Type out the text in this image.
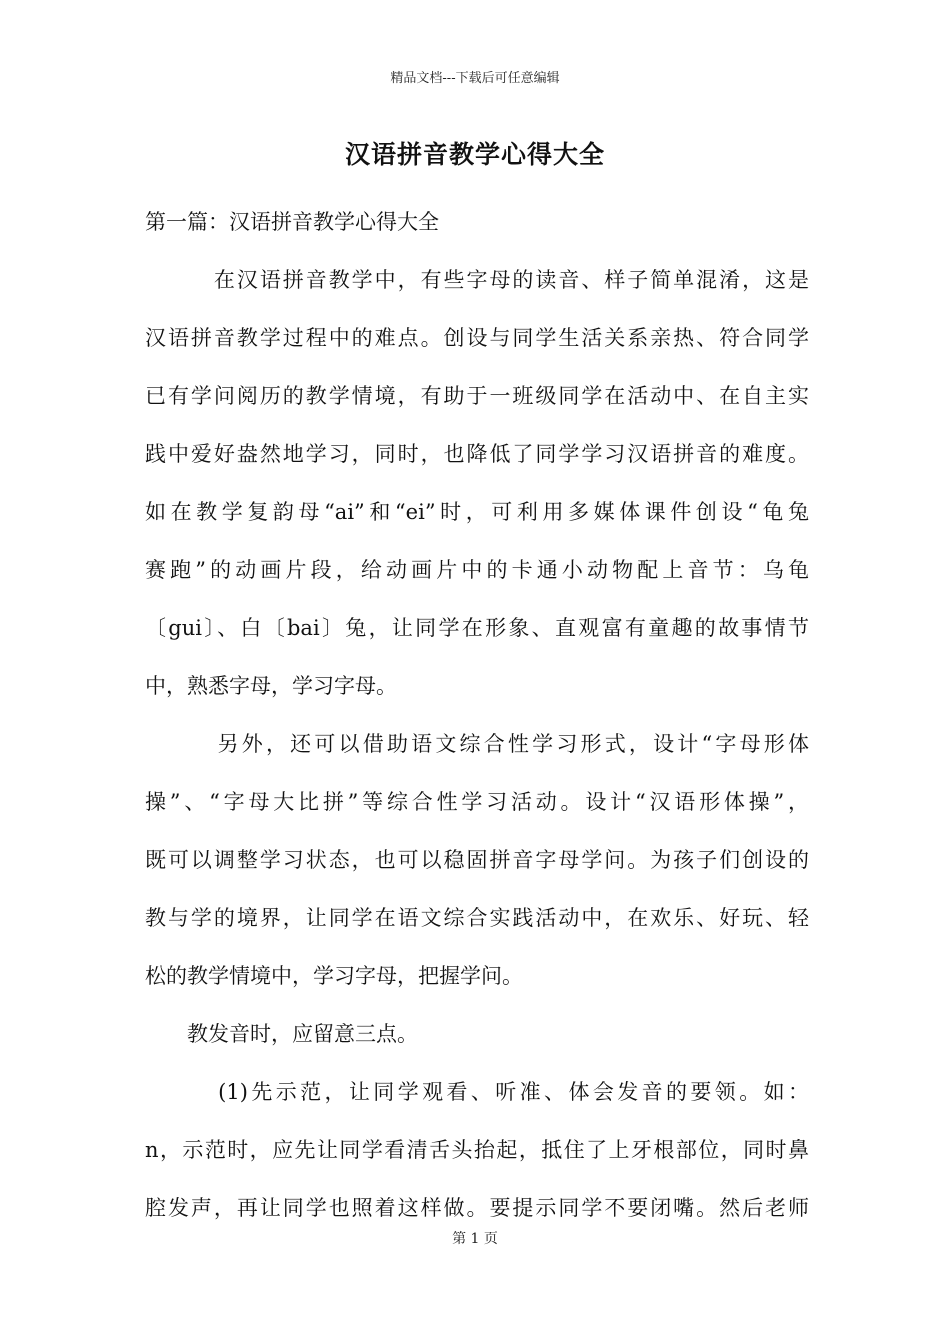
精品文档---下载后可任意编辑
汉语拼音教学心得大全
第一篇：汉语拼音教学心得大全
　　　在汉语拼音教学中，有些字母的读音、样子简单混淆，这是
汉语拼音教学过程中的难点。创设与同学生活关系亲热、符合同学
已有学问阅历的教学情境，有助于一班级同学在活动中、在自主实
践中爱好盎然地学习，同时，也降低了同学学习汉语拼音的难度。
如在教学复韵母“ai”和“ei”时，可利用多媒体课件创设“龟兔
赛跑”的动画片段，给动画片中的卡通小动物配上音节：乌龟
〔gui〕、白〔bai〕兔，让同学在形象、直观富有童趣的故事情节
中，熟悉字母，学习字母。
　　　另外，还可以借助语文综合性学习形式，设计“字母形体
操”、“字母大比拼”等综合性学习活动。设计“汉语形体操”，
既可以调整学习状态，也可以稳固拼音字母学问。为孩子们创设的
教与学的境界，让同学在语文综合实践活动中，在欢乐、好玩、轻
松的教学情境中，学习字母，把握学问。
　　教发音时，应留意三点。
　　　(1)先示范，让同学观看、听准、体会发音的要领。如：
n，示范时，应先让同学看清舌头抬起，抵住了上牙根部位，同时鼻
腔发声，再让同学也照着这样做。要提示同学不要闭嘴。然后老师
第 1 页
